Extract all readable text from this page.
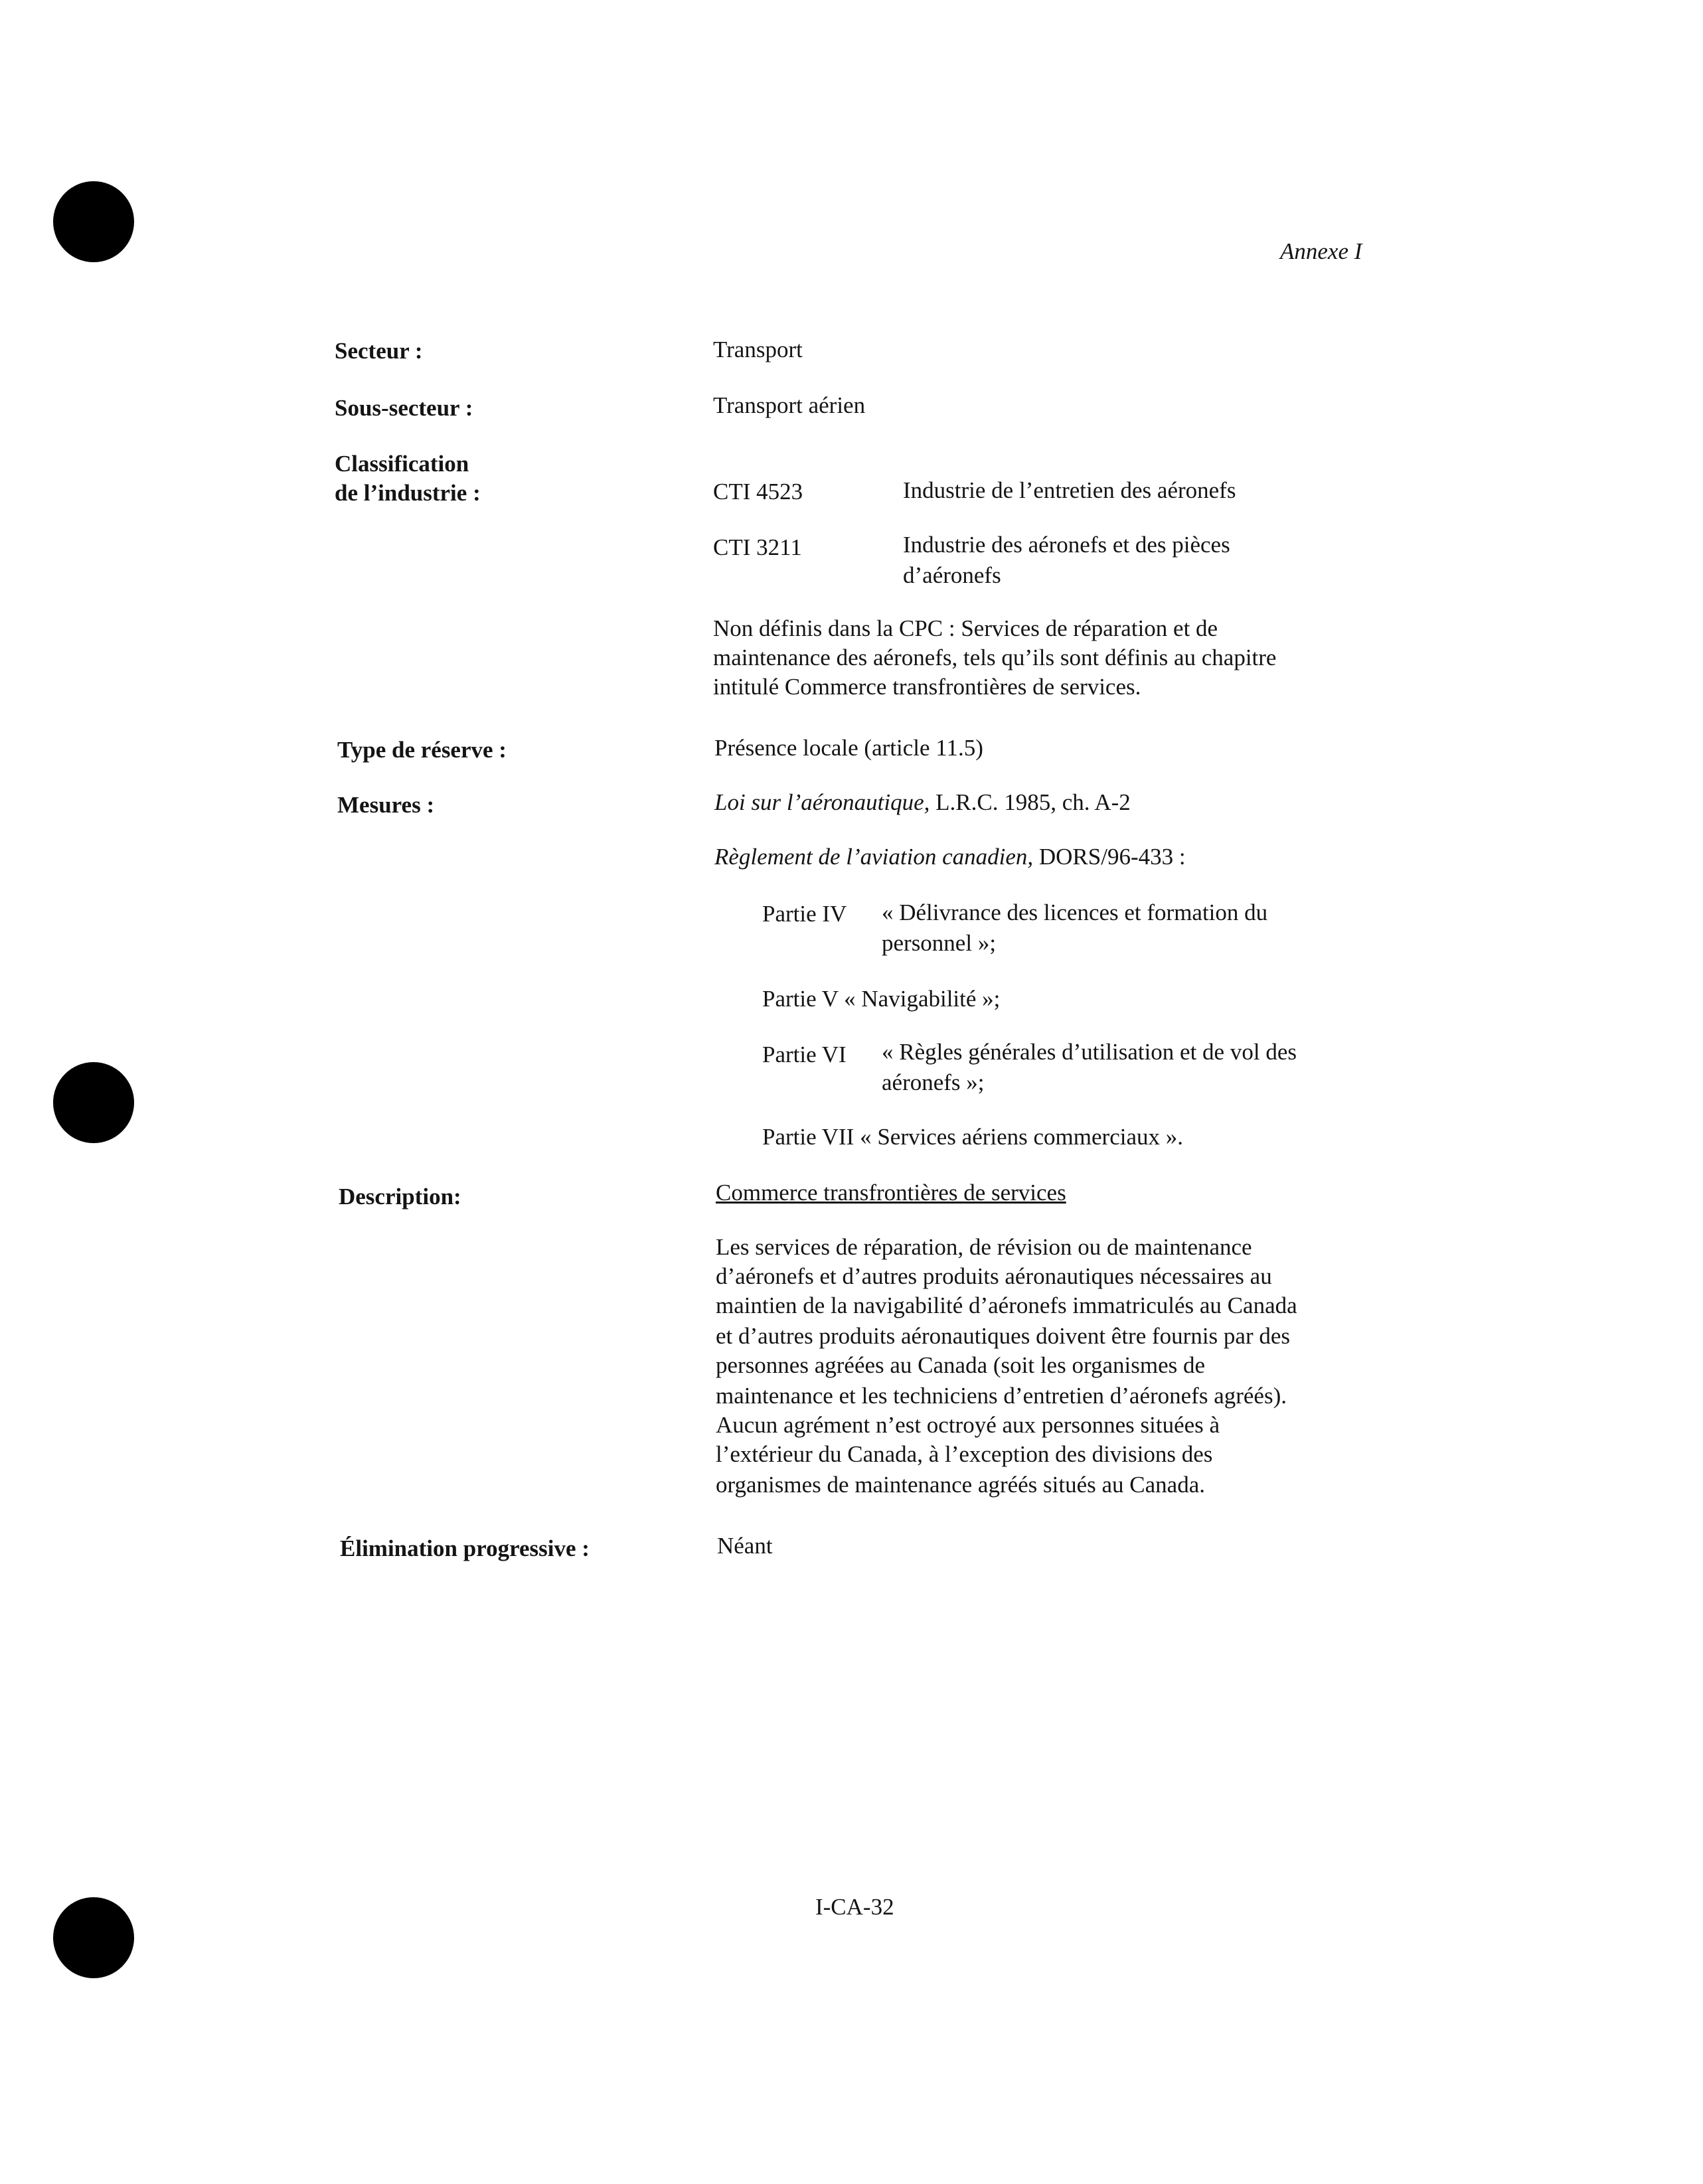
Annexe I
Secteur :
Sous-secteur :
Classification
de l’industrie :
Type de réserve :
Mesures :
Description:
Élimination progressive :
Transport
Transport aérien
CTI 4523	Industrie de l’entretien des aéronefs
CTI 3211	Industrie des aéronefs et des pièces
d’aéronefs
Non définis dans la CPC : Services de réparation et de
maintenance des aéronefs, tels qu’ils sont définis au chapitre
intitulé Commerce transfrontières de services.
Présence locale (article 11.5)
Loi sur l’aéronautique, L.R.C. 1985, ch. A-2
Règlement de l’aviation canadien, DORS/96-433 :
Partie IV « Délivrance des licences et formation du
personnel »;
Partie V « Navigabilité »;
Partie VI « Règles générales d’utilisation et de vol des
aéronefs »;
Partie VII « Services aériens commerciaux ».
Commerce transfrontières de services
Les services de réparation, de révision ou de maintenance
d’aéronefs et d’autres produits aéronautiques nécessaires au
maintien de la navigabilité d’aéronefs immatriculés au Canada
et d’autres produits aéronautiques doivent être fournis par des
personnes agréées au Canada (soit les organismes de
maintenance et les techniciens d’entretien d’aéronefs agréés).
Aucun agrément n’est octroyé aux personnes situées à
l’extérieur du Canada, à l’exception des divisions des
organismes de maintenance agréés situés au Canada.
Néant
I-CA-32
